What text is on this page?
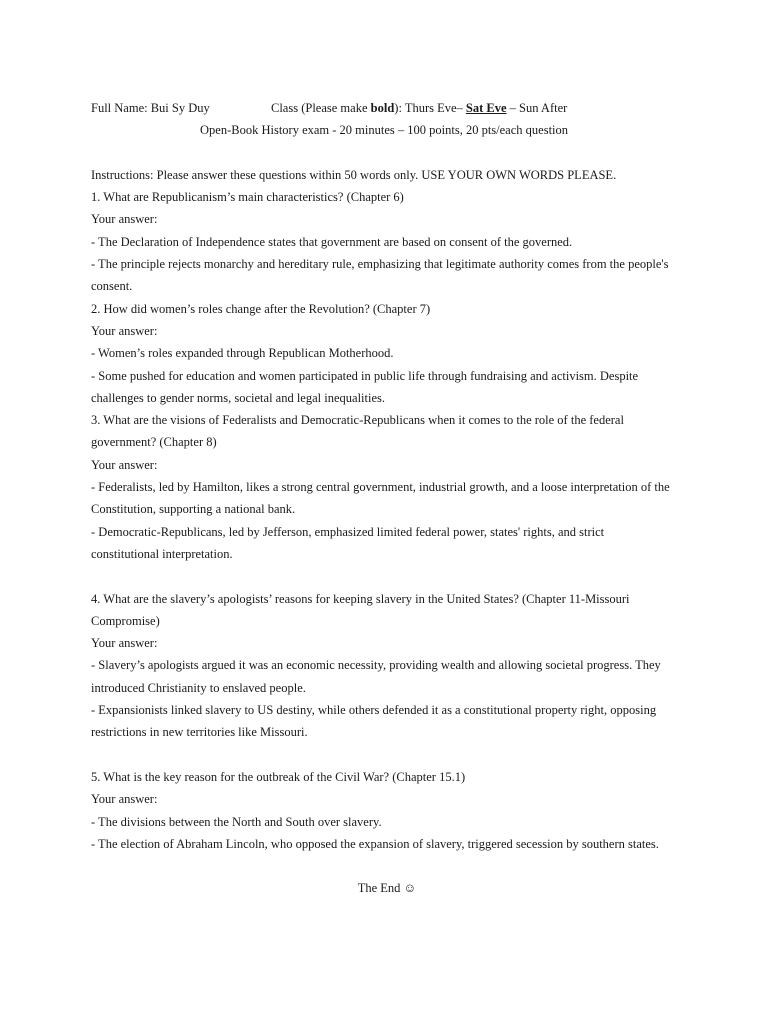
Full Name: Bui Sy Duy	Class (Please make bold): Thurs Eve– Sat Eve – Sun After
Open-Book History exam - 20 minutes – 100 points, 20 pts/each question
Instructions: Please answer these questions within 50 words only. USE YOUR OWN WORDS PLEASE.
1. What are Republicanism’s main characteristics? (Chapter 6)
Your answer:
- The Declaration of Independence states that government are based on consent of the governed.
- The principle rejects monarchy and hereditary rule, emphasizing that legitimate authority comes from the people's
consent.
2. How did women’s roles change after the Revolution? (Chapter 7)
Your answer:
- Women’s roles expanded through Republican Motherhood.
- Some pushed for education and women participated in public life through fundraising and activism. Despite
challenges to gender norms, societal and legal inequalities.
3. What are the visions of Federalists and Democratic-Republicans when it comes to the role of the federal
government? (Chapter 8)
Your answer:
- Federalists, led by Hamilton, likes a strong central government, industrial growth, and a loose interpretation of the
Constitution, supporting a national bank.
- Democratic-Republicans, led by Jefferson, emphasized limited federal power, states' rights, and strict
constitutional interpretation.
4. What are the slavery’s apologists’ reasons for keeping slavery in the United States? (Chapter 11-Missouri
Compromise)
Your answer:
- Slavery’s apologists argued it was an economic necessity, providing wealth and allowing societal progress. They
introduced Christianity to enslaved people.
- Expansionists linked slavery to US destiny, while others defended it as a constitutional property right, opposing
restrictions in new territories like Missouri.
5. What is the key reason for the outbreak of the Civil War? (Chapter 15.1)
Your answer:
- The divisions between the North and South over slavery.
- The election of Abraham Lincoln, who opposed the expansion of slavery, triggered secession by southern states.
The End ☺
